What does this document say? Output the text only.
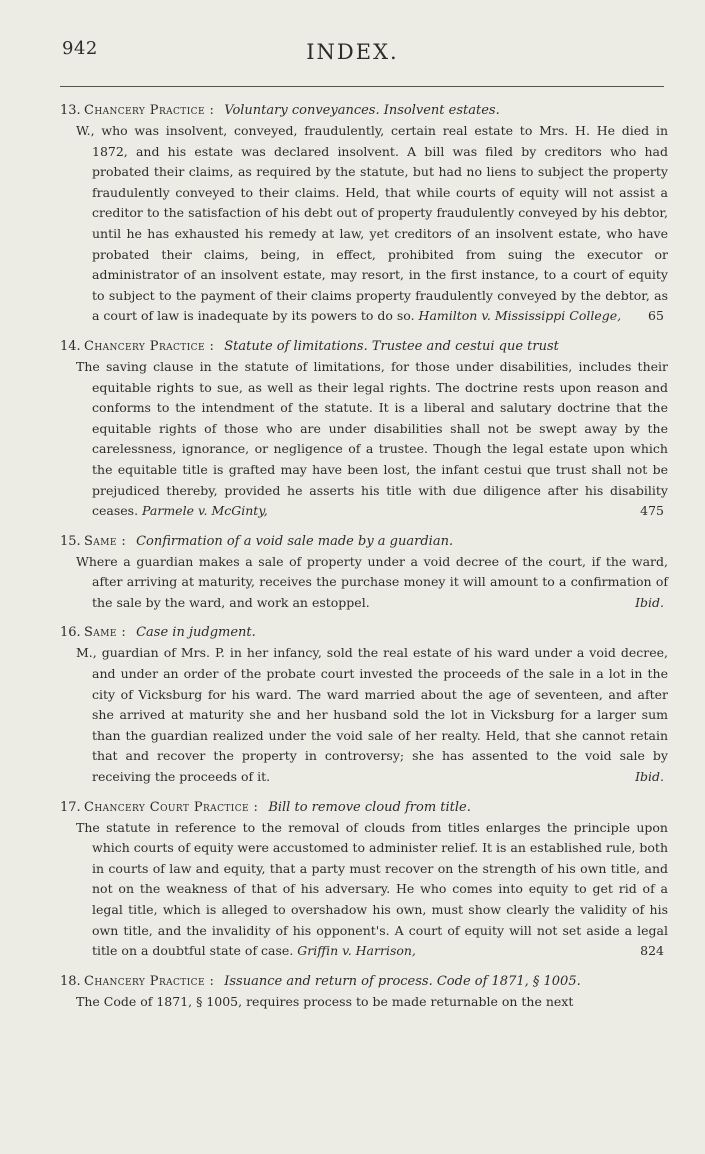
942	INDEX.
13. Chancery Practice : Voluntary conveyances. Insolvent estates.
W., who was insolvent, conveyed, fraudulently, certain real estate to Mrs. H. He died in 1872, and his estate was declared insolvent. A bill was filed by creditors who had probated their claims, as required by the statute, but had no liens to subject the property fraudulently conveyed to their claims. Held, that while courts of equity will not assist a creditor to the satisfaction of his debt out of property fraudulently conveyed by his debtor, until he has exhausted his remedy at law, yet creditors of an insolvent estate, who have probated their claims, being, in effect, prohibited from suing the executor or administrator of an insolvent estate, may resort, in the first instance, to a court of equity to subject to the payment of their claims property fraudulently conveyed by the debtor, as a court of law is inadequate by its powers to do so. Hamilton v. Mississippi College, 65
14. Chancery Practice : Statute of limitations. Trustee and cestui que trust
The saving clause in the statute of limitations, for those under disabilities, includes their equitable rights to sue, as well as their legal rights. The doctrine rests upon reason and conforms to the intendment of the statute. It is a liberal and salutary doctrine that the equitable rights of those who are under disabilities shall not be swept away by the carelessness, ignorance, or negligence of a trustee. Though the legal estate upon which the equitable title is grafted may have been lost, the infant cestui que trust shall not be prejudiced thereby, provided he asserts his title with due diligence after his disability ceases. Parmele v. McGinty,	475
15. Same : Confirmation of a void sale made by a guardian.
Where a guardian makes a sale of property under a void decree of the court, if the ward, after arriving at maturity, receives the purchase money it will amount to a confirmation of the sale by the ward, and work an estoppel.	Ibid.
16. Same : Case in judgment.
M., guardian of Mrs. P. in her infancy, sold the real estate of his ward under a void decree, and under an order of the probate court invested the proceeds of the sale in a lot in the city of Vicksburg for his ward. The ward married about the age of seventeen, and after she arrived at maturity she and her husband sold the lot in Vicksburg for a larger sum than the guardian realized under the void sale of her realty. Held, that she cannot retain that and recover the property in controversy; she has assented to the void sale by receiving the proceeds of it.	Ibid.
17. Chancery Court Practice : Bill to remove cloud from title.
The statute in reference to the removal of clouds from titles enlarges the principle upon which courts of equity were accustomed to administer relief. It is an established rule, both in courts of law and equity, that a party must recover on the strength of his own title, and not on the weakness of that of his adversary. He who comes into equity to get rid of a legal title, which is alleged to overshadow his own, must show clearly the validity of his own title, and the invalidity of his opponent's. A court of equity will not set aside a legal title on a doubtful state of case. Griffin v. Harrison,	824
18. Chancery Practice : Issuance and return of process. Code of 1871, § 1005.
The Code of 1871, § 1005, requires process to be made returnable on the next
